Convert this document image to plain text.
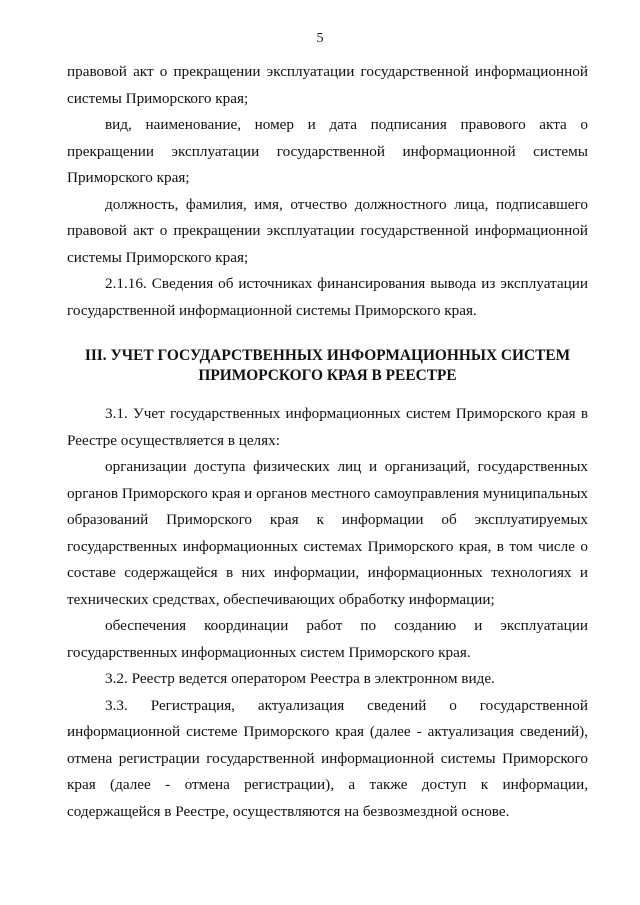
5

правовой акт о прекращении эксплуатации государственной информационной системы Приморского края;

вид, наименование, номер и дата подписания правового акта о прекращении эксплуатации государственной информационной системы Приморского края;

должность, фамилия, имя, отчество должностного лица, подписавшего правовой акт о прекращении эксплуатации государственной информационной системы Приморского края;

2.1.16. Сведения об источниках финансирования вывода из эксплуатации государственной информационной системы Приморского края.

III. УЧЕТ ГОСУДАРСТВЕННЫХ ИНФОРМАЦИОННЫХ СИСТЕМ
ПРИМОРСКОГО КРАЯ В РЕЕСТРЕ

3.1. Учет государственных информационных систем Приморского края в Реестре осуществляется в целях:

организации доступа физических лиц и организаций, государственных органов Приморского края и органов местного самоуправления муниципальных образований Приморского края к информации об эксплуатируемых государственных информационных системах Приморского края, в том числе о составе содержащейся в них информации, информационных технологиях и технических средствах, обеспечивающих обработку информации;

обеспечения координации работ по созданию и эксплуатации государственных информационных систем Приморского края.

3.2. Реестр ведется оператором Реестра в электронном виде.

3.3. Регистрация, актуализация сведений о государственной информационной системе Приморского края (далее - актуализация сведений), отмена регистрации государственной информационной системы Приморского края (далее - отмена регистрации), а также доступ к информации, содержащейся в Реестре, осуществляются на безвозмездной основе.
